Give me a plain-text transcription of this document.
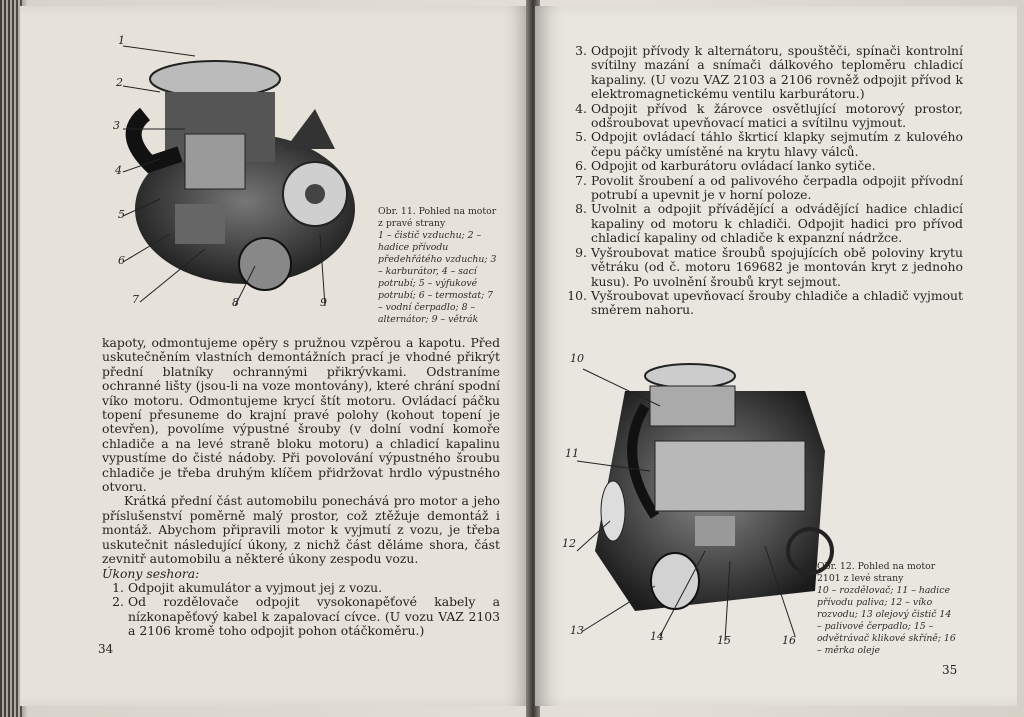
1
2
3
4
5
6
7	8	9
Obr. 11. Pohled na motor z pravé strany
1 – čistič vzduchu; 2 – hadice přívodu předehřátého vzduchu; 3 – karburátor, 4 – sací potrubí; 5 – výfukové potrubí; 6 – termostat; 7 – vodní čerpadlo; 8 – alternátor; 9 – větrák

kapoty, odmontujeme opěry s pružnou vzpěrou a kapotu. Před uskutečněním vlastních demontážních prací je vhodné přikrýt přední blatníky ochrannými přikrývkami. Odstraníme ochranné lišty (jsou-li na voze montovány), které chrání spodní víko motoru. Odmontujeme krycí štít motoru. Ovládací páčku topení přesuneme do krajní pravé polohy (kohout topení je otevřen), povolíme výpustné šrouby (v dolní vodní komoře chladiče a na levé straně bloku motoru) a chladicí kapalinu vypustíme do čisté nádoby. Při povolování výpustného šroubu chladiče je třeba druhým klíčem přidržovat hrdlo výpustného otvoru.

Krátká přední část automobilu ponechává pro motor a jeho příslušenství poměrně malý prostor, což ztěžuje demontáž i montáž. Abychom připravili motor k vyjmutí z vozu, je třeba uskutečnit následující úkony, z nichž část děláme shora, část zevnitř automobilu a některé úkony zespodu vozu.

Úkony seshora:

1. Odpojit akumulátor a vyjmout jej z vozu.
2. Od rozdělovače odpojit vysokonapěťové kabely a nízkonapěťový kabel k zapalovací cívce. (U vozu VAZ 2103 a 2106 kromě toho odpojit pohon otáčkoměru.)
34
3. Odpojit přívody k alternátoru, spouštěči, spínači kontrolní svítilny mazání a snímači dálkového teploměru chladicí kapaliny. (U vozu VAZ 2103 a 2106 rovněž odpojit přívod k elektromagnetickému ventilu karburátoru.)
4. Odpojit přívod k žárovce osvětlující motorový prostor, odšroubovat upevňovací matici a svítilnu vyjmout.
5. Odpojit ovládací táhlo škrticí klapky sejmutím z kulového čepu páčky umístěné na krytu hlavy válců.
6. Odpojit od karburátoru ovládací lanko sytiče.
7. Povolit šroubení a od palivového čerpadla odpojit přívodní potrubí a upevnit je v horní poloze.
8. Uvolnit a odpojit přívádějící a odvádějící hadice chladicí kapaliny od motoru k chladiči. Odpojit hadici pro přívod chladicí kapaliny od chladiče k expanzní nádržce.
9. Vyšroubovat matice šroubů spojujících obě poloviny krytu větráku (od č. motoru 169682 je montován kryt z jednoho kusu). Po uvolnění šroubů kryt sejmout.
10. Vyšroubovat upevňovací šrouby chladiče a chladič vyjmout směrem nahoru.
10
11
12
13	14	15	16
Obr. 12. Pohled na motor 2101 z levé strany
10 – rozdělovač; 11 – hadice přívodu paliva; 12 – víko rozvodu; 13 olejový čistič 14 – palivové čerpadlo; 15 – odvětrávač klikové skříně; 16 – měrka oleje
35
